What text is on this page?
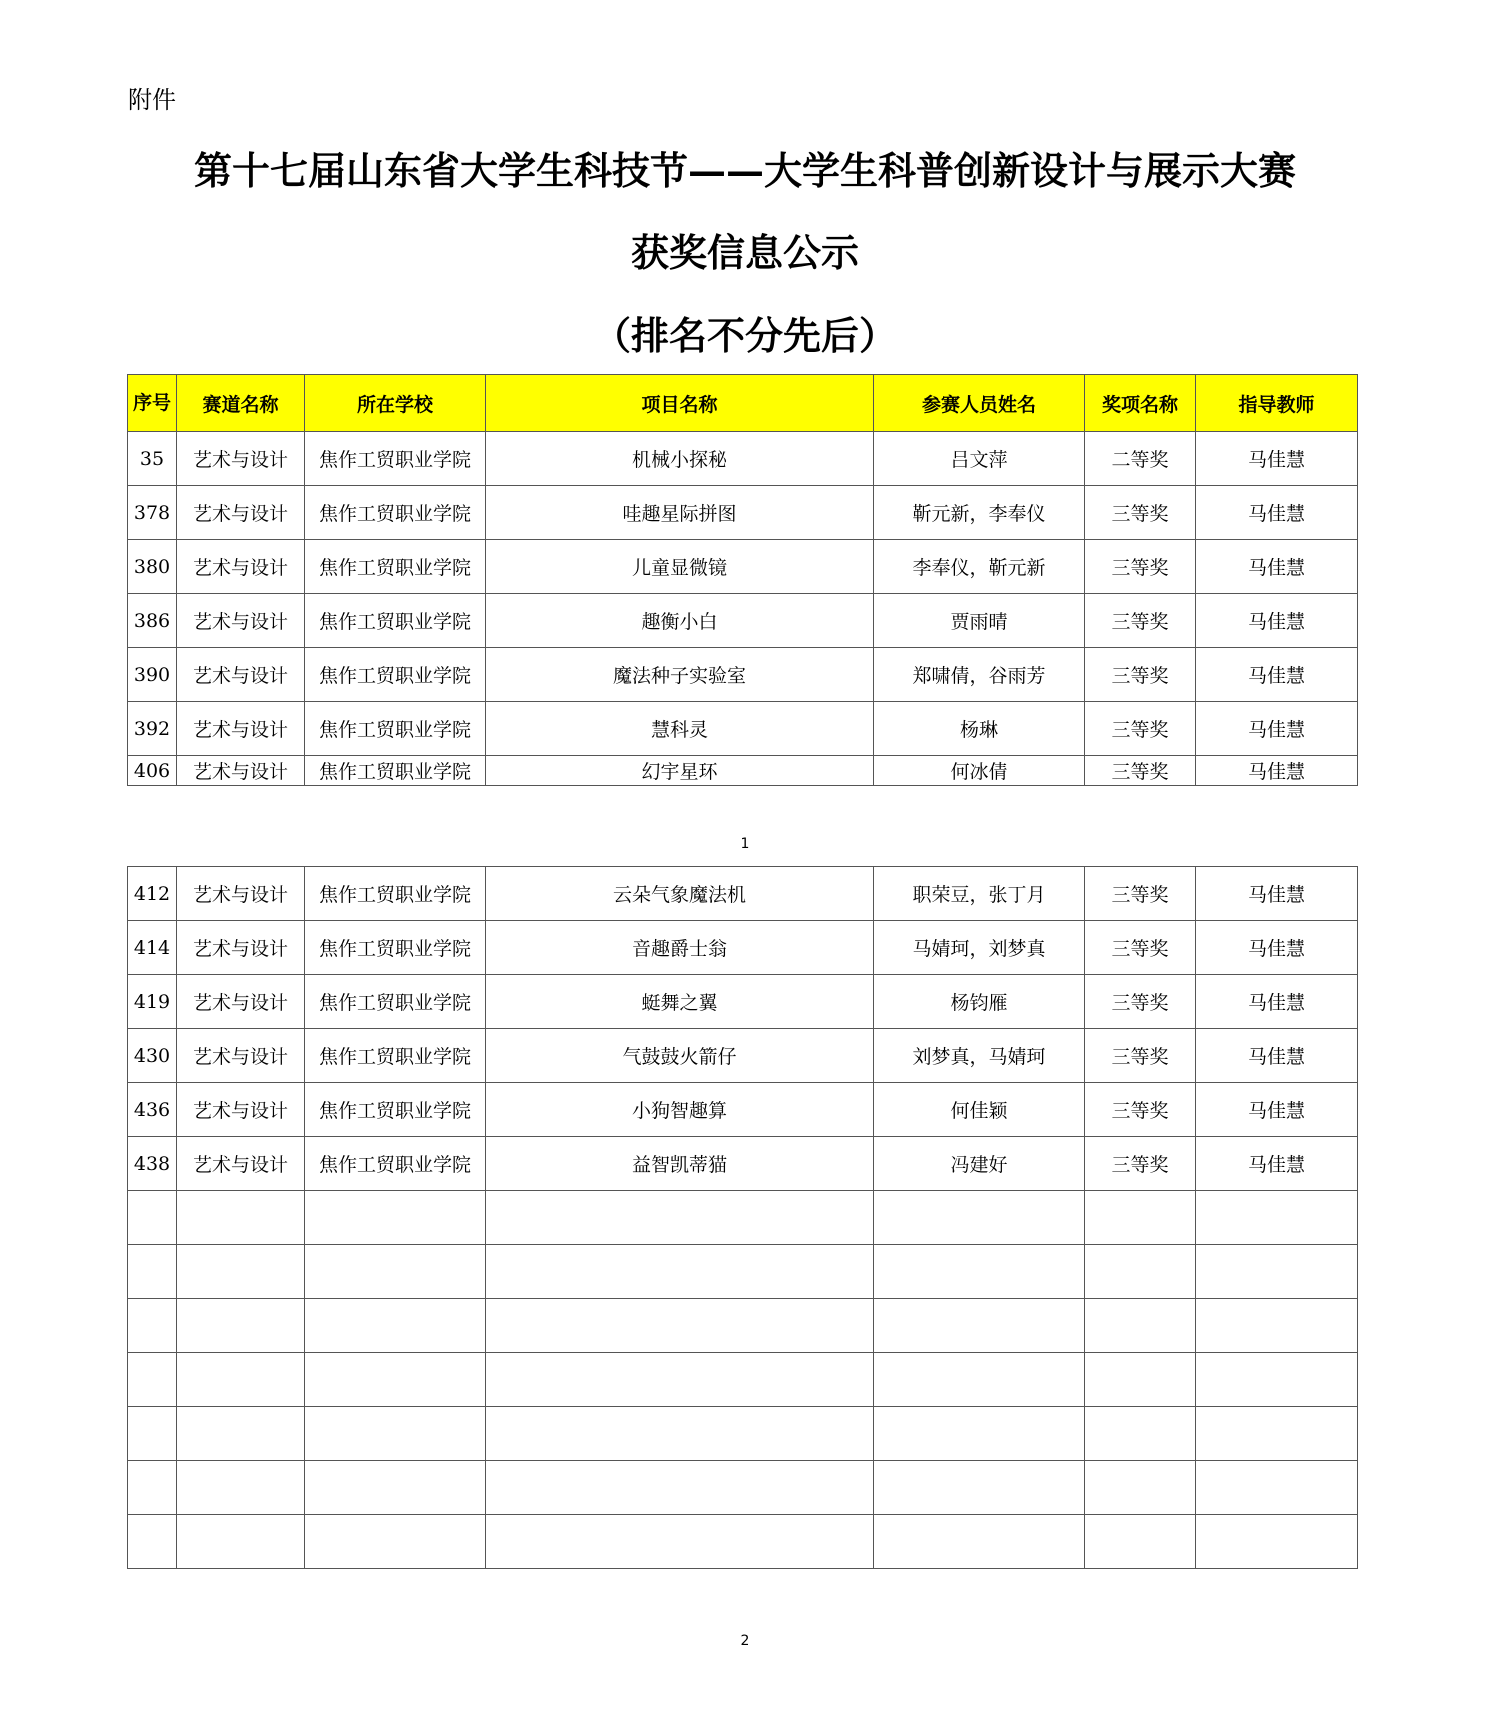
附件
第十七届山东省大学生科技节——大学生科普创新设计与展示大赛
获奖信息公示
（排名不分先后）
序号	赛道名称	所在学校	项目名称	参赛人员姓名	奖项名称	指导教师
35	艺术与设计	焦作工贸职业学院	机械小探秘	吕文萍	二等奖	马佳慧
378	艺术与设计	焦作工贸职业学院	哇趣星际拼图	靳元新，李奉仪	三等奖	马佳慧
380	艺术与设计	焦作工贸职业学院	儿童显微镜	李奉仪，靳元新	三等奖	马佳慧
386	艺术与设计	焦作工贸职业学院	趣衡小白	贾雨晴	三等奖	马佳慧
390	艺术与设计	焦作工贸职业学院	魔法种子实验室	郑啸倩，谷雨芳	三等奖	马佳慧
392	艺术与设计	焦作工贸职业学院	慧科灵	杨琳	三等奖	马佳慧
406	艺术与设计	焦作工贸职业学院	幻宇星环	何冰倩	三等奖	马佳慧
1
412	艺术与设计	焦作工贸职业学院	云朵气象魔法机	职荣豆，张丁月	三等奖	马佳慧
414	艺术与设计	焦作工贸职业学院	音趣爵士翁	马婧珂，刘梦真	三等奖	马佳慧
419	艺术与设计	焦作工贸职业学院	蜓舞之翼	杨钧雁	三等奖	马佳慧
430	艺术与设计	焦作工贸职业学院	气鼓鼓火箭仔	刘梦真，马婧珂	三等奖	马佳慧
436	艺术与设计	焦作工贸职业学院	小狗智趣算	何佳颖	三等奖	马佳慧
438	艺术与设计	焦作工贸职业学院	益智凯蒂猫	冯建好	三等奖	马佳慧

2
